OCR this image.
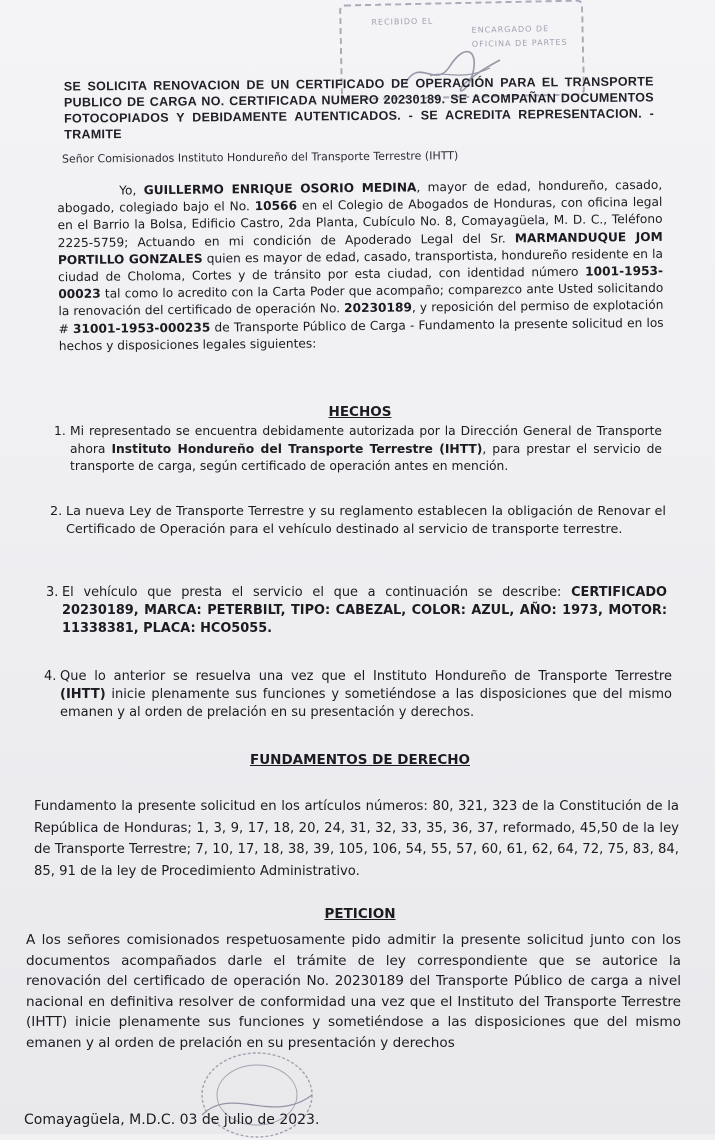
RECIBIDO EL
ENCARGADO DE
OFICINA DE PARTES
SE SOLICITA RENOVACION DE UN CERTIFICADO DE OPERACIÓN PARA EL TRANSPORTE PUBLICO DE CARGA NO. CERTIFICADA NUMERO 20230189. SE ACOMPAÑAN DOCUMENTOS FOTOCOPIADOS Y DEBIDAMENTE AUTENTICADOS. - SE ACREDITA REPRESENTACION. - TRAMITE
Señor Comisionados Instituto Hondureño del Transporte Terrestre (IHTT)
Yo, GUILLERMO ENRIQUE OSORIO MEDINA, mayor de edad, hondureño, casado, abogado, colegiado bajo el No. 10566 en el Colegio de Abogados de Honduras, con oficina legal en el Barrio la Bolsa, Edificio Castro, 2da Planta, Cubículo No. 8, Comayagüela, M. D. C., Teléfono 2225-5759; Actuando en mi condición de Apoderado Legal del Sr. MARMANDUQUE JOM PORTILLO GONZALES quien es mayor de edad, casado, transportista, hondureño residente en la ciudad de Choloma, Cortes y de tránsito por esta ciudad, con identidad número 1001-1953-00023 tal como lo acredito con la Carta Poder que acompaño; comparezco ante Usted solicitando la renovación del certificado de operación No. 20230189, y reposición del permiso de explotación # 31001-1953-000235 de Transporte Público de Carga - Fundamento la presente solicitud en los hechos y disposiciones legales siguientes:
HECHOS
1. Mi representado se encuentra debidamente autorizada por la Dirección General de Transporte ahora Instituto Hondureño del Transporte Terrestre (IHTT), para prestar el servicio de transporte de carga, según certificado de operación antes en mención.
2. La nueva Ley de Transporte Terrestre y su reglamento establecen la obligación de Renovar el Certificado de Operación para el vehículo destinado al servicio de transporte terrestre.
3. El vehículo que presta el servicio el que a continuación se describe: CERTIFICADO 20230189, MARCA: PETERBILT, TIPO: CABEZAL, COLOR: AZUL, AÑO: 1973, MOTOR: 11338381, PLACA: HCO5055.
4. Que lo anterior se resuelva una vez que el Instituto Hondureño de Transporte Terrestre (IHTT) inicie plenamente sus funciones y sometiéndose a las disposiciones que del mismo emanen y al orden de prelación en su presentación y derechos.
FUNDAMENTOS DE DERECHO
Fundamento la presente solicitud en los artículos números: 80, 321, 323 de la Constitución de la República de Honduras; 1, 3, 9, 17, 18, 20, 24, 31, 32, 33, 35, 36, 37, reformado, 45,50 de la ley de Transporte Terrestre; 7, 10, 17, 18, 38, 39, 105, 106, 54, 55, 57, 60, 61, 62, 64, 72, 75, 83, 84, 85, 91 de la ley de Procedimiento Administrativo.
PETICION
A los señores comisionados respetuosamente pido admitir la presente solicitud junto con los documentos acompañados darle el trámite de ley correspondiente que se autorice la renovación del certificado de operación No. 20230189 del Transporte Público de carga a nivel nacional en definitiva resolver de conformidad una vez que el Instituto del Transporte Terrestre (IHTT) inicie plenamente sus funciones y sometiéndose a las disposiciones que del mismo emanen y al orden de prelación en su presentación y derechos
Comayagüela, M.D.C. 03 de julio de 2023.
